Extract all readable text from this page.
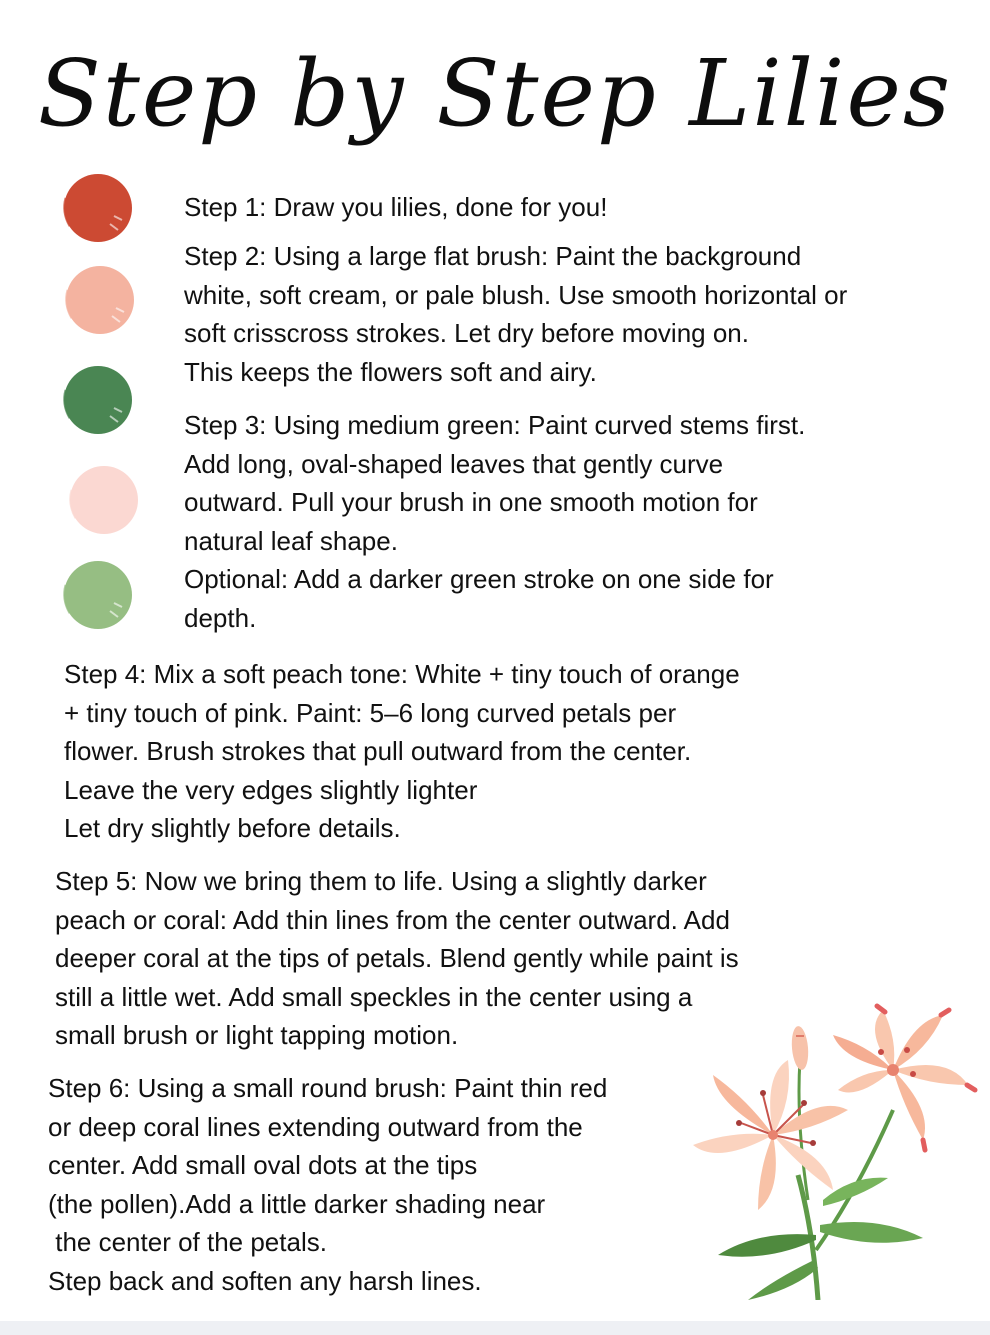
Step by Step Lilies
Step 1: Draw you lilies, done for you!
Step 2: Using a large flat brush: Paint the background
white, soft cream, or pale blush. Use smooth horizontal or
soft crisscross strokes. Let dry before moving on.
This keeps the flowers soft and airy.
Step 3: Using medium green: Paint curved stems first.
Add long, oval-shaped leaves that gently curve
outward. Pull your brush in one smooth motion for
natural leaf shape.
Optional: Add a darker green stroke on one side for
depth.
Step 4: Mix a soft peach tone: White + tiny touch of orange
+ tiny touch of pink. Paint: 5–6 long curved petals per
flower. Brush strokes that pull outward from the center.
Leave the very edges slightly lighter
Let dry slightly before details.
Step 5: Now we bring them to life. Using a slightly darker
peach or coral: Add thin lines from the center outward. Add
deeper coral at the tips of petals. Blend gently while paint is
still a little wet. Add small speckles in the center using a
small brush or light tapping motion.
Step 6: Using a small round brush: Paint thin red
or deep coral lines extending outward from the
center. Add small oval dots at the tips
(the pollen).Add a little darker shading near
the center of the petals.
Step back and soften any harsh lines.
